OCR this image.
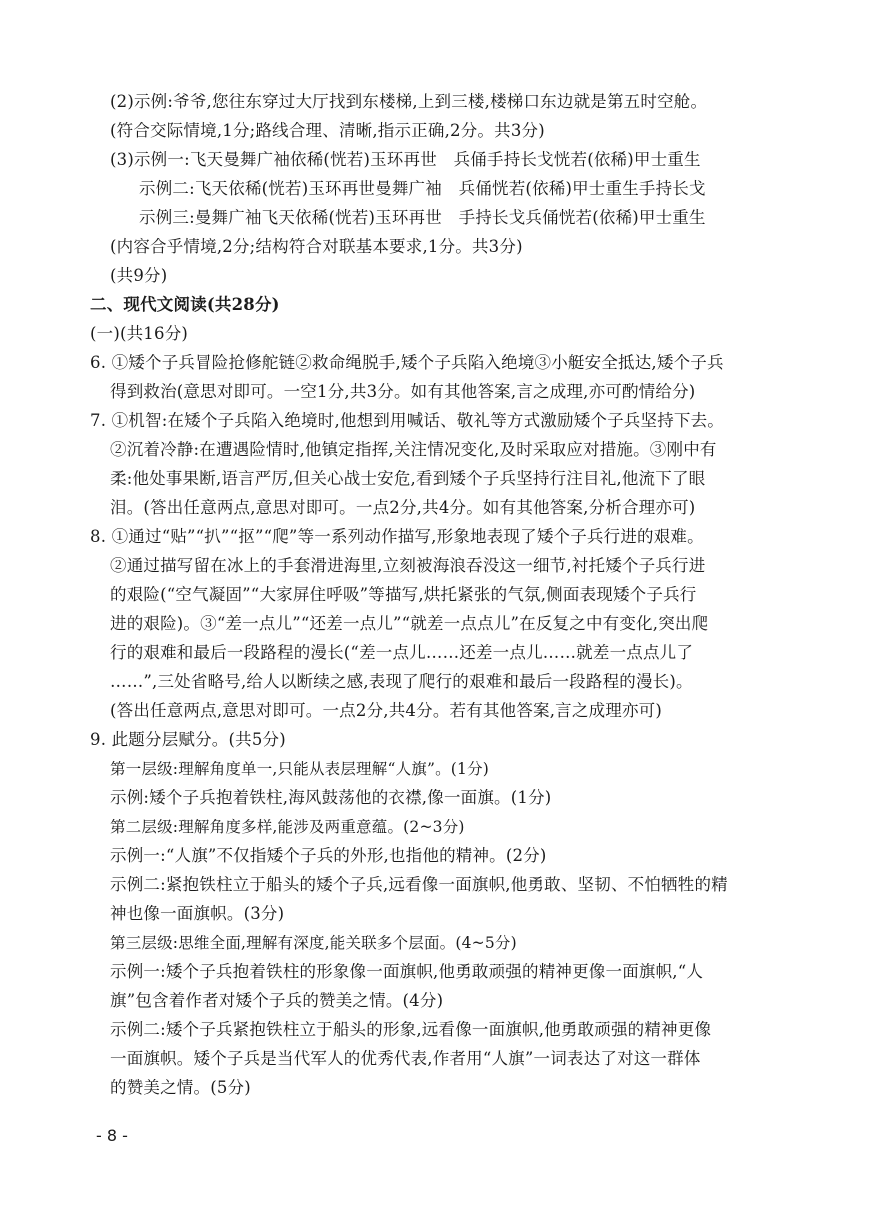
(2)示例:爷爷,您往东穿过大厅找到东楼梯,上到三楼,楼梯口东边就是第五时空舱。
(符合交际情境,1分;路线合理、清晰,指示正确,2分。共3分)
(3)示例一:飞天曼舞广袖依稀(恍若)玉环再世　兵俑手持长戈恍若(依稀)甲士重生
示例二:飞天依稀(恍若)玉环再世曼舞广袖　兵俑恍若(依稀)甲士重生手持长戈
示例三:曼舞广袖飞天依稀(恍若)玉环再世　手持长戈兵俑恍若(依稀)甲士重生
(内容合乎情境,2分;结构符合对联基本要求,1分。共3分)
(共9分)
二、现代文阅读(共28分)
(一)(共16分)
6. ①矮个子兵冒险抢修舵链②救命绳脱手,矮个子兵陷入绝境③小艇安全抵达,矮个子兵
得到救治(意思对即可。一空1分,共3分。如有其他答案,言之成理,亦可酌情给分)
7. ①机智:在矮个子兵陷入绝境时,他想到用喊话、敬礼等方式激励矮个子兵坚持下去。
②沉着冷静:在遭遇险情时,他镇定指挥,关注情况变化,及时采取应对措施。③刚中有
柔:他处事果断,语言严厉,但关心战士安危,看到矮个子兵坚持行注目礼,他流下了眼
泪。(答出任意两点,意思对即可。一点2分,共4分。如有其他答案,分析合理亦可)
8. ①通过“贴”“扒”“抠”“爬”等一系列动作描写,形象地表现了矮个子兵行进的艰难。
②通过描写留在冰上的手套滑进海里,立刻被海浪吞没这一细节,衬托矮个子兵行进
的艰险(“空气凝固”“大家屏住呼吸”等描写,烘托紧张的气氛,侧面表现矮个子兵行
进的艰险)。③“差一点儿”“还差一点儿”“就差一点点儿”在反复之中有变化,突出爬
行的艰难和最后一段路程的漫长(“差一点儿……还差一点儿……就差一点点儿了
……”,三处省略号,给人以断续之感,表现了爬行的艰难和最后一段路程的漫长)。
(答出任意两点,意思对即可。一点2分,共4分。若有其他答案,言之成理亦可)
9. 此题分层赋分。(共5分)
第一层级:理解角度单一,只能从表层理解“人旗”。(1分)
示例:矮个子兵抱着铁柱,海风鼓荡他的衣襟,像一面旗。(1分)
第二层级:理解角度多样,能涉及两重意蕴。(2~3分)
示例一:“人旗”不仅指矮个子兵的外形,也指他的精神。(2分)
示例二:紧抱铁柱立于船头的矮个子兵,远看像一面旗帜,他勇敢、坚韧、不怕牺牲的精
神也像一面旗帜。(3分)
第三层级:思维全面,理解有深度,能关联多个层面。(4~5分)
示例一:矮个子兵抱着铁柱的形象像一面旗帜,他勇敢顽强的精神更像一面旗帜,“人
旗”包含着作者对矮个子兵的赞美之情。(4分)
示例二:矮个子兵紧抱铁柱立于船头的形象,远看像一面旗帜,他勇敢顽强的精神更像
一面旗帜。矮个子兵是当代军人的优秀代表,作者用“人旗”一词表达了对这一群体
的赞美之情。(5分)
- 8 -
